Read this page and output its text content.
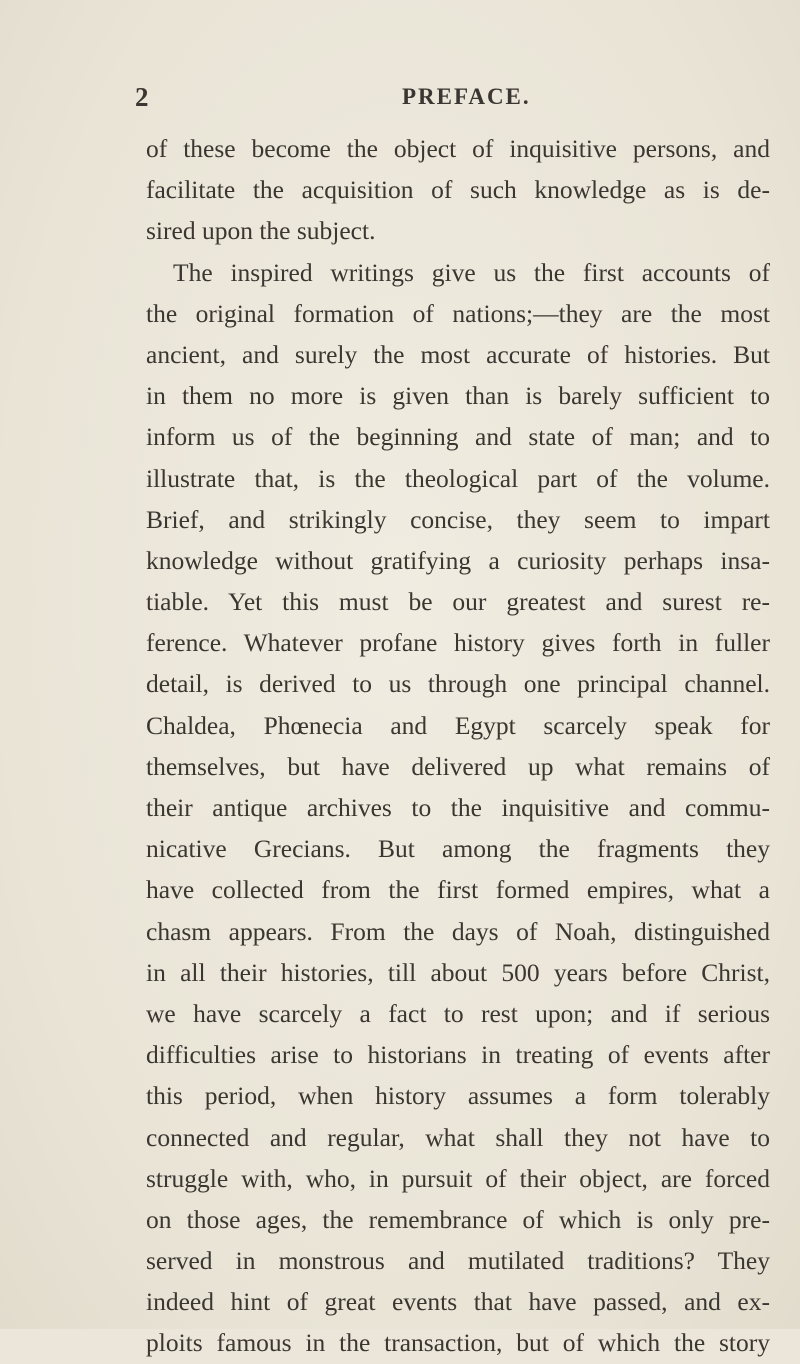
2	PREFACE.
of these become the object of inquisitive persons, and
facilitate the acquisition of such knowledge as is de-
sired upon the subject.
The inspired writings give us the first accounts of
the original formation of nations;—they are the most
ancient, and surely the most accurate of histories. But
in them no more is given than is barely sufficient to
inform us of the beginning and state of man; and to
illustrate that, is the theological part of the volume.
Brief, and strikingly concise, they seem to impart
knowledge without gratifying a curiosity perhaps insa-
tiable. Yet this must be our greatest and surest re-
ference. Whatever profane history gives forth in fuller
detail, is derived to us through one principal channel.
Chaldea, Phœnecia and Egypt scarcely speak for
themselves, but have delivered up what remains of
their antique archives to the inquisitive and commu-
nicative Grecians. But among the fragments they
have collected from the first formed empires, what a
chasm appears. From the days of Noah, distinguished
in all their histories, till about 500 years before Christ,
we have scarcely a fact to rest upon; and if serious
difficulties arise to historians in treating of events after
this period, when history assumes a form tolerably
connected and regular, what shall they not have to
struggle with, who, in pursuit of their object, are forced
on those ages, the remembrance of which is only pre-
served in monstrous and mutilated traditions? They
indeed hint of great events that have passed, and ex-
ploits famous in the transaction, but of which the story
